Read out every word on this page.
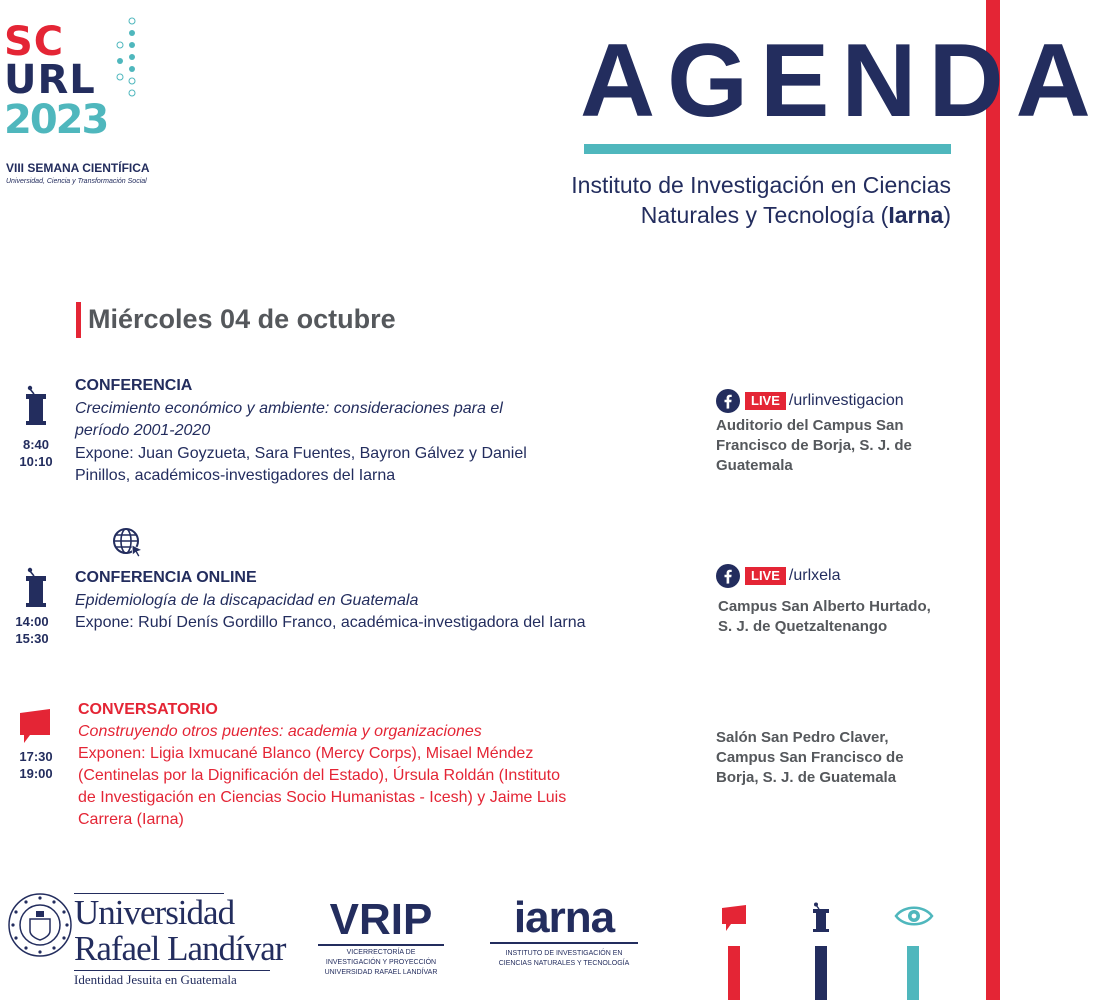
SC
URL
2023
VIII SEMANA CIENTÍFICA
Universidad, Ciencia y Transformación Social
AGENDA
Instituto de Investigación en Ciencias
Naturales y Tecnología (Iarna)
Miércoles 04 de octubre
8:40
10:10
CONFERENCIA
Crecimiento económico y ambiente: consideraciones para el
período 2001-2020
Expone: Juan Goyzueta, Sara Fuentes, Bayron Gálvez y Daniel
Pinillos, académicos-investigadores del Iarna
LIVE /urlinvestigacion
Auditorio del Campus San
Francisco de Borja, S. J. de
Guatemala
14:00
15:30
CONFERENCIA ONLINE
Epidemiología de la discapacidad en Guatemala
Expone: Rubí Denís Gordillo Franco, académica-investigadora del Iarna
LIVE /urlxela
Campus San Alberto Hurtado,
S. J. de Quetzaltenango
17:30
19:00
CONVERSATORIO
Construyendo otros puentes: academia y organizaciones
Exponen: Ligia Ixmucané Blanco (Mercy Corps), Misael Méndez
(Centinelas por la Dignificación del Estado), Úrsula Roldán (Instituto
de Investigación en Ciencias Socio Humanistas - Icesh) y Jaime Luis
Carrera (Iarna)
Salón San Pedro Claver,
Campus San Francisco de
Borja, S. J. de Guatemala
Universidad
Rafael Landívar
Identidad Jesuita en Guatemala
VRIP
VICERRECTORÍA DE
INVESTIGACIÓN Y PROYECCIÓN
UNIVERSIDAD RAFAEL LANDÍVAR
iarna
INSTITUTO DE INVESTIGACIÓN EN
CIENCIAS NATURALES Y TECNOLOGÍA
